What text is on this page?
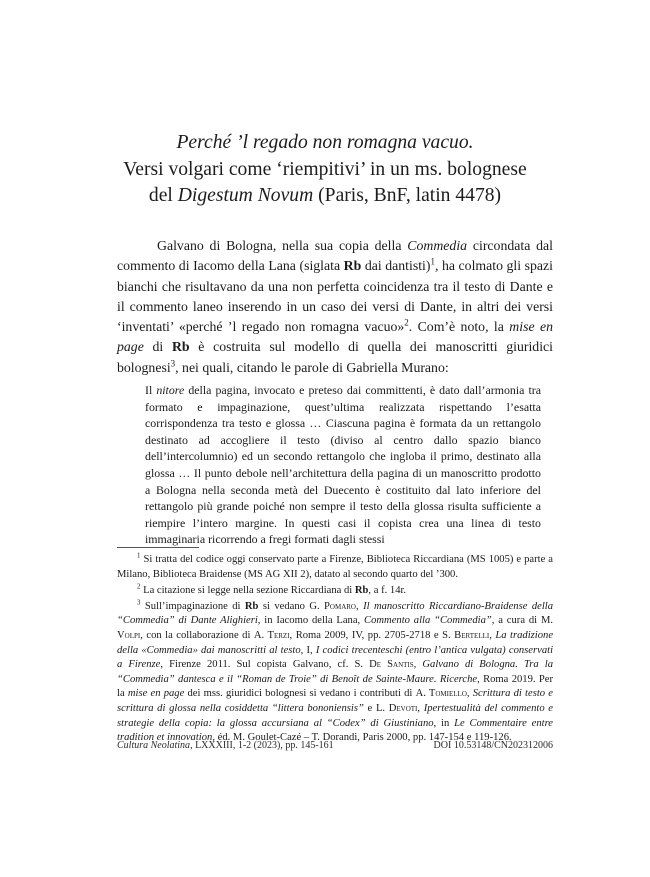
Perché ’l regado non romagna vacuo.
Versi volgari come ‘riempitivi’ in un ms. bolognese
del Digestum Novum (Paris, BnF, latin 4478)

Galvano di Bologna, nella sua copia della Commedia circondata dal commento di Iacomo della Lana (siglata Rb dai dantisti)$^1$, ha colmato gli spazi bianchi che risultavano da una non perfetta coincidenza tra il testo di Dante e il commento laneo inserendo in un caso dei versi di Dante, in altri dei versi ‘inventati’ «perché ’l regado non romagna vacuo»$^2$. Com’è noto, la mise en page di Rb è costruita sul modello di quella dei manoscritti giuridici bolognesi$^3$, nei quali, citando le parole di Gabriella Murano:

Il nitore della pagina, invocato e preteso dai committenti, è dato dall’armonia tra formato e impaginazione, quest’ultima realizzata rispettando l’esatta corrispondenza tra testo e glossa … Ciascuna pagina è formata da un rettangolo destinato ad accogliere il testo (diviso al centro dallo spazio bianco dell’intercolumnio) ed un secondo rettangolo che ingloba il primo, destinato alla glossa … Il punto debole nell’architettura della pagina di un manoscritto prodotto a Bologna nella seconda metà del Duecento è costituito dal lato inferiore del rettangolo più grande poiché non sempre il testo della glossa risulta sufficiente a riempire l’intero margine. In questi casi il copista crea una linea di testo immaginaria ricorrendo a fregi formati dagli stessi

$^1$ Si tratta del codice oggi conservato parte a Firenze, Biblioteca Riccardiana (MS 1005) e parte a Milano, Biblioteca Braidense (MS AG XII 2), datato al secondo quarto del ’300.

$^2$ La citazione si legge nella sezione Riccardiana di Rb, a f. 14r.

$^3$ Sull’impaginazione di Rb si vedano G. Pomaro, Il manoscritto Riccardiano-Braidense della “Commedia” di Dante Alighieri, in Iacomo della Lana, Commento alla “Commedia”, a cura di M. Volpi, con la collaborazione di A. Terzi, Roma 2009, IV, pp. 2705-2718 e S. Bertelli, La tradizione della «Commedia» dai manoscritti al testo, I, I codici trecenteschi (entro l’antica vulgata) conservati a Firenze, Firenze 2011. Sul copista Galvano, cf. S. De Santis, Galvano di Bologna. Tra la “Commedia” dantesca e il “Roman de Troie” di Benoît de Sainte-Maure. Ricerche, Roma 2019. Per la mise en page dei mss. giuridici bolognesi si vedano i contributi di A. Tomiello, Scrittura di testo e scrittura di glossa nella cosiddetta “littera bononiensis” e L. Devoti, Ipertestualità del commento e strategie della copia: la glossa accursiana al “Codex” di Giustiniano, in Le Commentaire entre tradition et innovation, éd. M. Goulet-Cazé – T. Dorandi, Paris 2000, pp. 147-154 e 119-126.

Cultura Neolatina, LXXXIII, 1-2 (2023), pp. 145-161	DOI 10.53148/CN202312006
